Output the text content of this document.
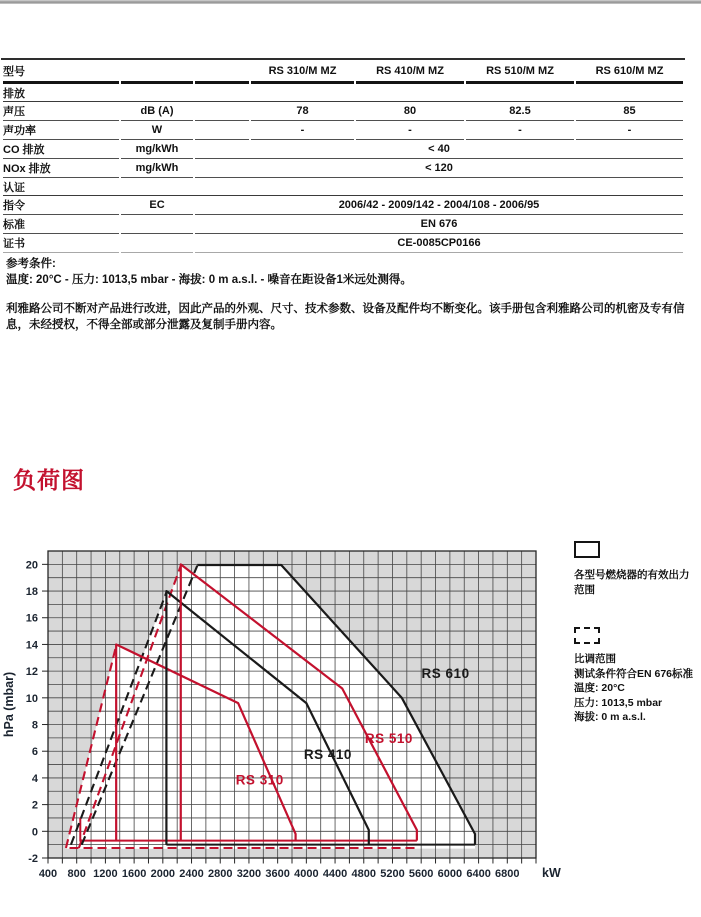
型号			RS 310/M MZ	RS 410/M MZ	RS 510/M MZ	RS 610/M MZ
排放						
声压	dB (A)		78	80	82.5	85
声功率	W		-	-	-	-
CO 排放	mg/kWh	< 40				
NOx 排放	mg/kWh	< 120				
认证						
指令	EC	2006/42 - 2009/142 - 2004/108 - 2006/95				
标准		EN 676				
证书		CE-0085CP0166				

参考条件:

温度: 20°C - 压力: 1013,5 mbar - 海拔: 0 m a.s.l. - 噪音在距设备1米远处测得。

利雅路公司不断对产品进行改进，因此产品的外观、尺寸、技术参数、设备及配件均不断变化。该手册包含利雅路公司的机密及专有信息，未经授权，不得全部或部分泄露及复制手册内容。

负荷图
400 800 1200 1600 2000 2400 2800 3200 3600 4000 4400 4800 5200 5600 6000 6400 6800 kW
-2
0
2
4
6
8
10
12
14
16
18
20
hPa (mbar)
RS 310
RS 410
RS 510
RS 610
各型号燃烧器的有效出力范围
比调范围
测试条件符合EN 676标准
温度: 20°C
压力: 1013,5 mbar
海拔: 0 m a.s.l.
